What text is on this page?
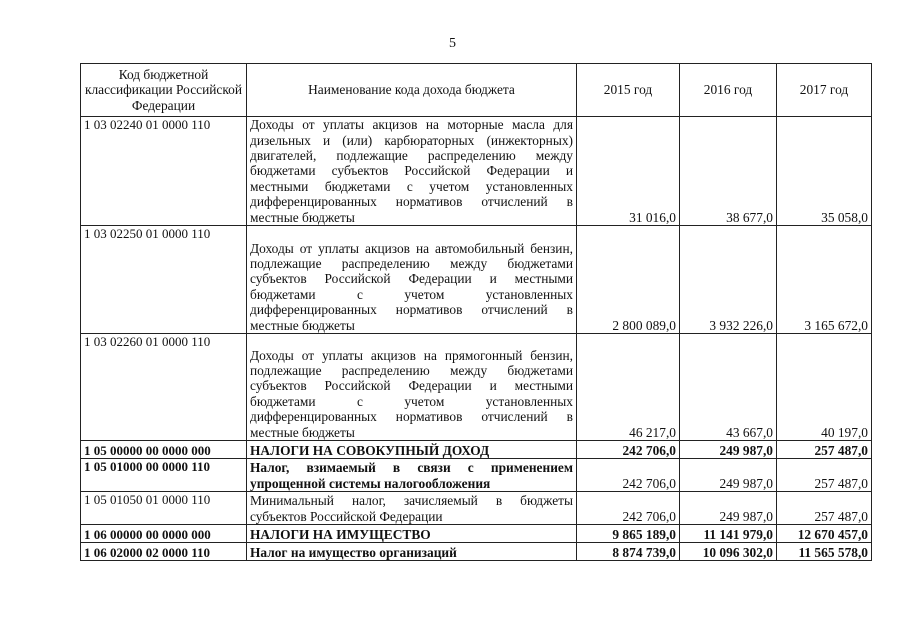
5
Код бюджетной классификации Российской Федерации	Наименование кода дохода бюджета	2015 год	2016 год	2017 год
1 03 02240 01 0000 110	Доходы от уплаты акцизов на моторные масла для дизельных и (или) карбюраторных (инжекторных) двигателей, подлежащие распределению между бюджетами субъектов Российской Федерации и местными бюджетами с учетом установленных дифференцированных нормативов отчислений в местные бюджеты	31 016,0	38 677,0	35 058,0
1 03 02250 01 0000 110	Доходы от уплаты акцизов на автомобильный бензин, подлежащие распределению между бюджетами субъектов Российской Федерации и местными бюджетами с учетом установленных дифференцированных нормативов отчислений в местные бюджеты	2 800 089,0	3 932 226,0	3 165 672,0
1 03 02260 01 0000 110	Доходы от уплаты акцизов на прямогонный бензин, подлежащие распределению между бюджетами субъектов Российской Федерации и местными бюджетами с учетом установленных дифференцированных нормативов отчислений в местные бюджеты	46 217,0	43 667,0	40 197,0
1 05 00000 00 0000 000	НАЛОГИ НА СОВОКУПНЫЙ ДОХОД	242 706,0	249 987,0	257 487,0
1 05 01000 00 0000 110	Налог, взимаемый в связи с применением упрощенной системы налогообложения	242 706,0	249 987,0	257 487,0
1 05 01050 01 0000 110	Минимальный налог, зачисляемый в бюджеты субъектов Российской Федерации	242 706,0	249 987,0	257 487,0
1 06 00000 00 0000 000	НАЛОГИ НА ИМУЩЕСТВО	9 865 189,0	11 141 979,0	12 670 457,0
1 06 02000 02 0000 110	Налог на имущество организаций	8 874 739,0	10 096 302,0	11 565 578,0
